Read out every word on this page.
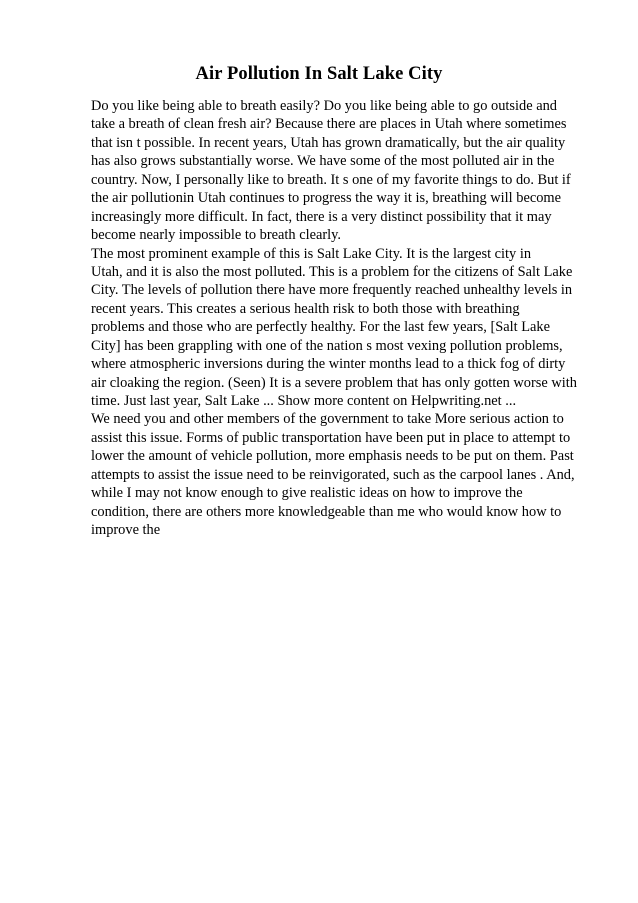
Air Pollution In Salt Lake City
Do you like being able to breath easily? Do you like being able to go outside and
take a breath of clean fresh air? Because there are places in Utah where sometimes
that isn t possible. In recent years, Utah has grown dramatically, but the air quality
has also grows substantially worse. We have some of the most polluted air in the
country. Now, I personally like to breath. It s one of my favorite things to do. But if
the air pollutionin Utah continues to progress the way it is, breathing will become
increasingly more difficult. In fact, there is a very distinct possibility that it may
become nearly impossible to breath clearly.
The most prominent example of this is Salt Lake City. It is the largest city in
Utah, and it is also the most polluted. This is a problem for the citizens of Salt Lake
City. The levels of pollution there have more frequently reached unhealthy levels in
recent years. This creates a serious health risk to both those with breathing
problems and those who are perfectly healthy. For the last few years, [Salt Lake
City] has been grappling with one of the nation s most vexing pollution problems,
where atmospheric inversions during the winter months lead to a thick fog of dirty
air cloaking the region. (Seen) It is a severe problem that has only gotten worse with
time. Just last year, Salt Lake ... Show more content on Helpwriting.net ...
We need you and other members of the government to take More serious action to
assist this issue. Forms of public transportation have been put in place to attempt to
lower the amount of vehicle pollution, more emphasis needs to be put on them. Past
attempts to assist the issue need to be reinvigorated, such as the carpool lanes . And,
while I may not know enough to give realistic ideas on how to improve the
condition, there are others more knowledgeable than me who would know how to
improve the
